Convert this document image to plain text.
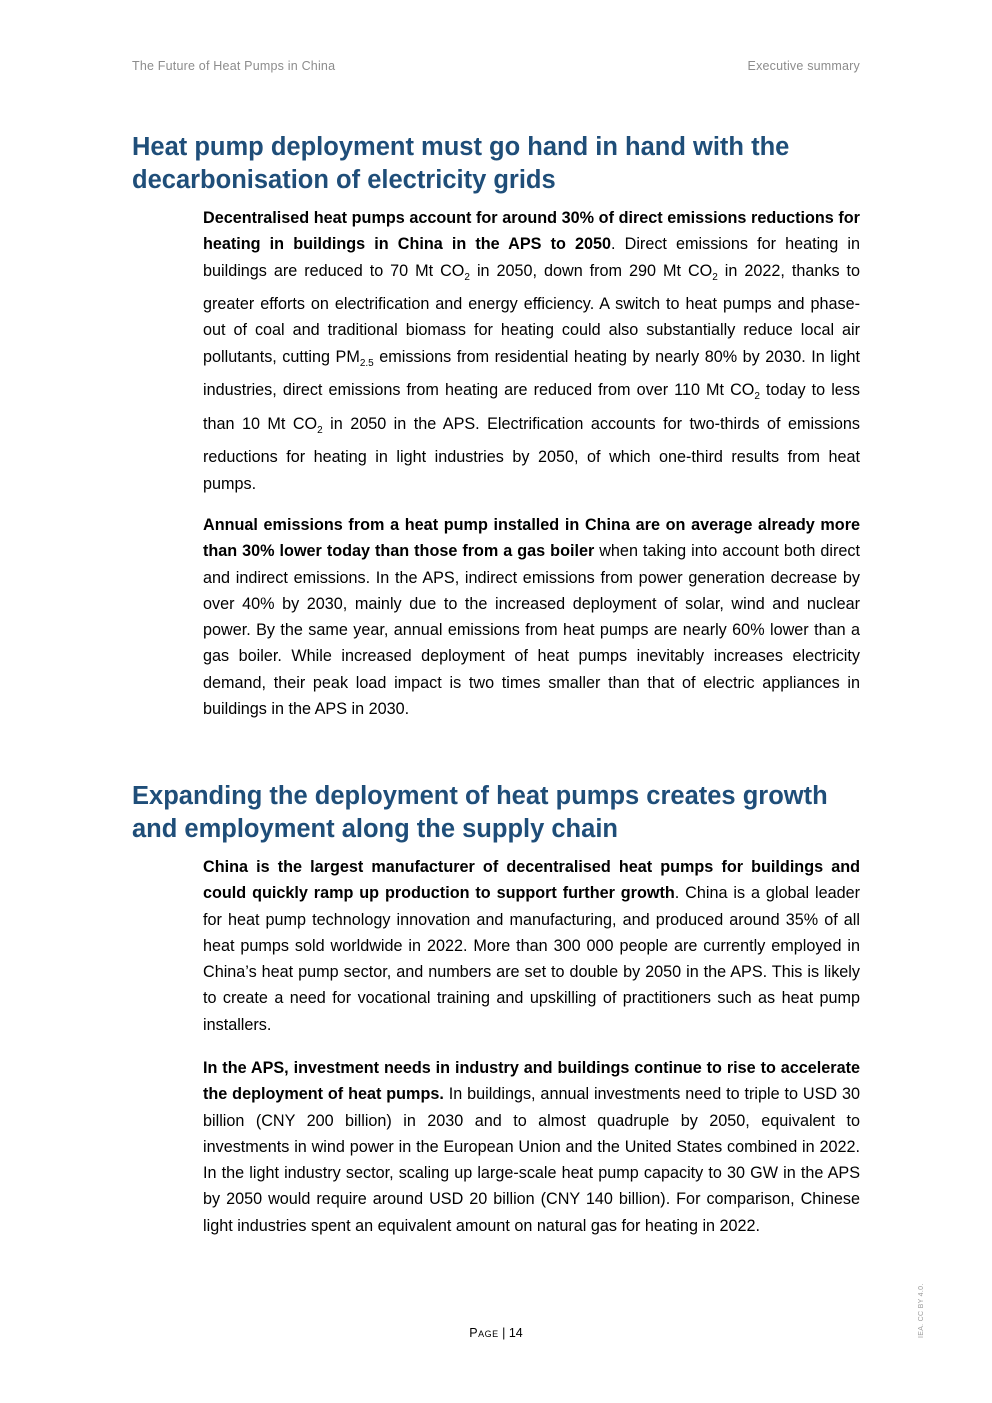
The Future of Heat Pumps in China	Executive summary
Heat pump deployment must go hand in hand with the decarbonisation of electricity grids

Decentralised heat pumps account for around 30% of direct emissions reductions for heating in buildings in China in the APS to 2050. Direct emissions for heating in buildings are reduced to 70 Mt $CO_2$ in 2050, down from 290 Mt $CO_2$ in 2022, thanks to greater efforts on electrification and energy efficiency. A switch to heat pumps and phase-out of coal and traditional biomass for heating could also substantially reduce local air pollutants, cutting $PM_{2.5}$ emissions from residential heating by nearly 80% by 2030. In light industries, direct emissions from heating are reduced from over 110 Mt $CO_2$ today to less than 10 Mt $CO_2$ in 2050 in the APS. Electrification accounts for two-thirds of emissions reductions for heating in light industries by 2050, of which one-third results from heat pumps.

Annual emissions from a heat pump installed in China are on average already more than 30% lower today than those from a gas boiler when taking into account both direct and indirect emissions. In the APS, indirect emissions from power generation decrease by over 40% by 2030, mainly due to the increased deployment of solar, wind and nuclear power. By the same year, annual emissions from heat pumps are nearly 60% lower than a gas boiler. While increased deployment of heat pumps inevitably increases electricity demand, their peak load impact is two times smaller than that of electric appliances in buildings in the APS in 2030.

Expanding the deployment of heat pumps creates growth and employment along the supply chain

China is the largest manufacturer of decentralised heat pumps for buildings and could quickly ramp up production to support further growth. China is a global leader for heat pump technology innovation and manufacturing, and produced around 35% of all heat pumps sold worldwide in 2022. More than 300 000 people are currently employed in China’s heat pump sector, and numbers are set to double by 2050 in the APS. This is likely to create a need for vocational training and upskilling of practitioners such as heat pump installers.

In the APS, investment needs in industry and buildings continue to rise to accelerate the deployment of heat pumps. In buildings, annual investments need to triple to USD 30 billion (CNY 200 billion) in 2030 and to almost quadruple by 2050, equivalent to investments in wind power in the European Union and the United States combined in 2022. In the light industry sector, scaling up large-scale heat pump capacity to 30 GW in the APS by 2050 would require around USD 20 billion (CNY 140 billion). For comparison, Chinese light industries spent an equivalent amount on natural gas for heating in 2022.

Page | 14	IEA. CC BY 4.0.
